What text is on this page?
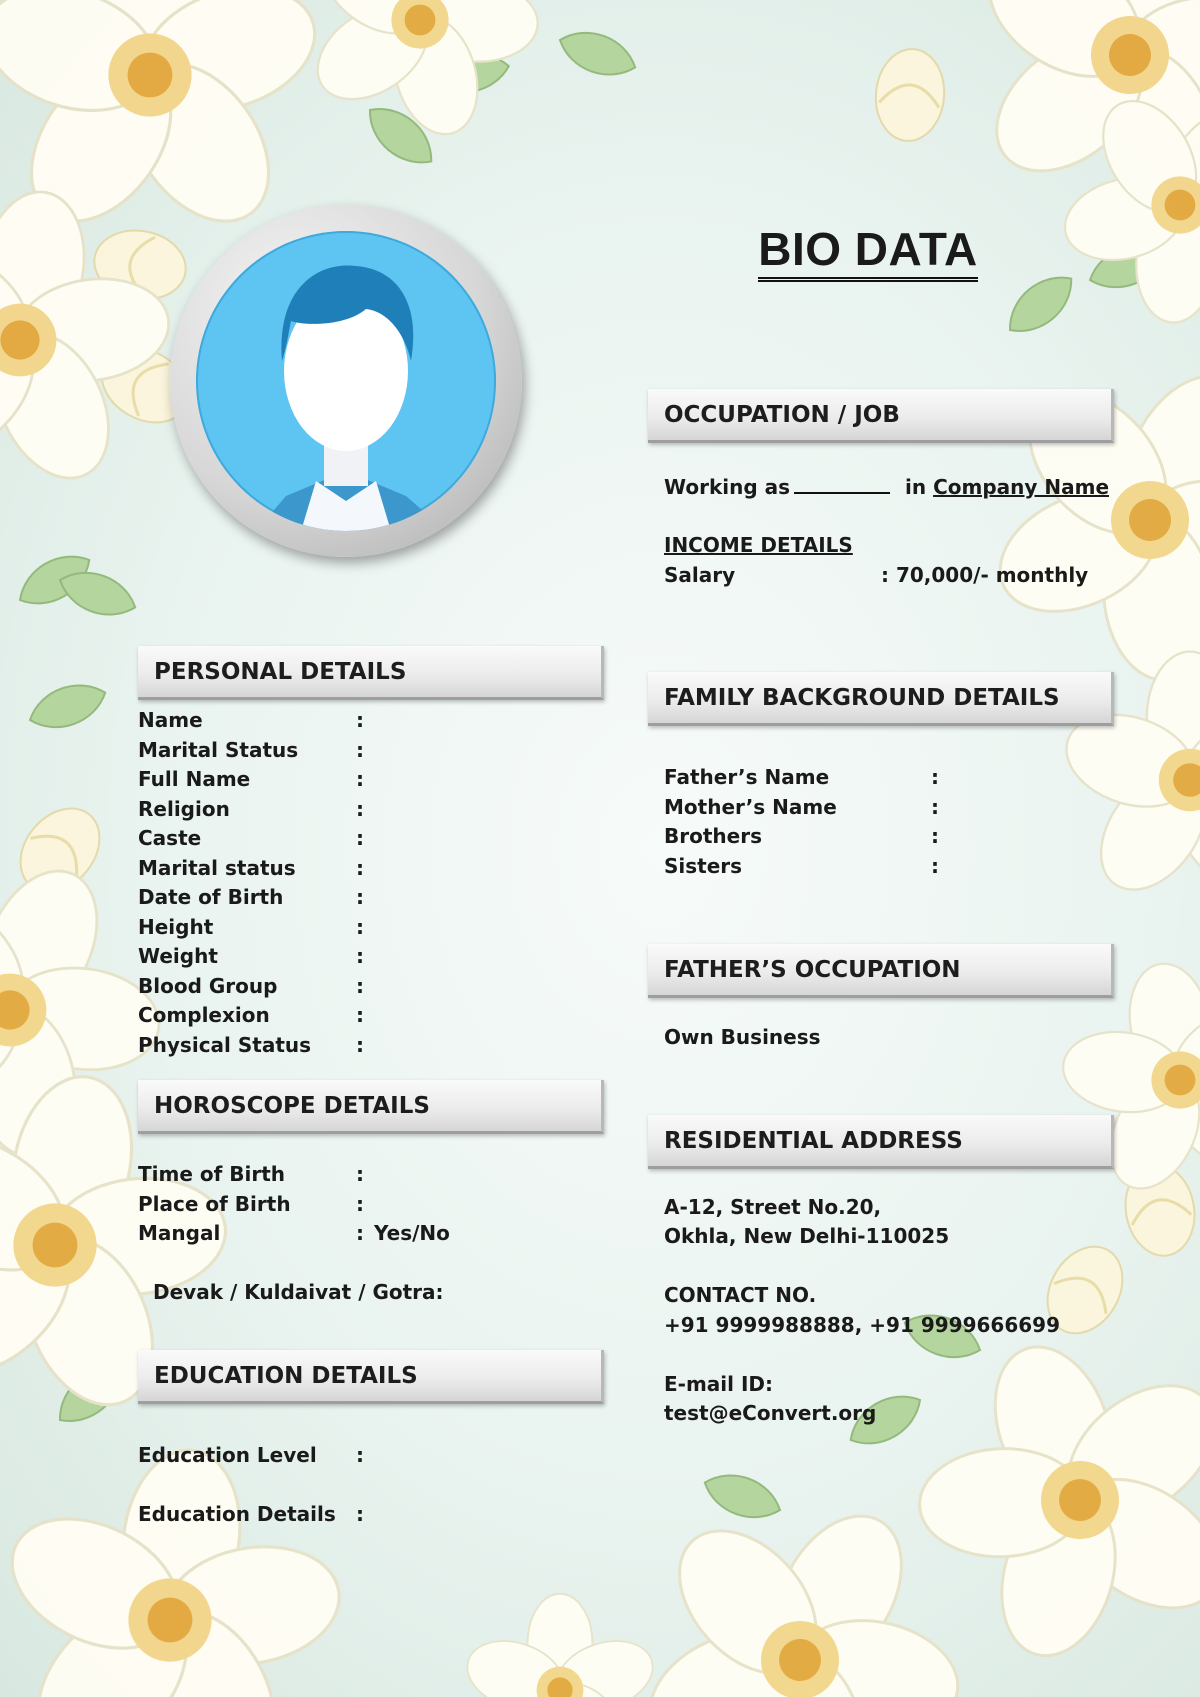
BIO DATA
PERSONAL DETAILS
Name	:
Marital Status	:
Full Name	:
Religion	:
Caste	:
Marital status	:
Date of Birth	:
Height	:
Weight	:
Blood Group	:
Complexion	:
Physical Status :
HOROSCOPE DETAILS
Time of Birth	:
Place of Birth	:
Mangal	: Yes/No
Devak / Kuldaivat / Gotra:
EDUCATION DETAILS
Education Level :
Education Details :
OCCUPATION / JOB
Working as	in Company Name
INCOME DETAILS
Salary	: 70,000/- monthly
FAMILY BACKGROUND DETAILS
Father’s Name	:
Mother’s Name	:
Brothers	:
Sisters	:
FATHER’S OCCUPATION
Own Business
RESIDENTIAL ADDRESS
A-12, Street No.20,
Okhla, New Delhi-110025
CONTACT NO.
+91 9999988888, +91 9999666699
E-mail ID:
test@eConvert.org
